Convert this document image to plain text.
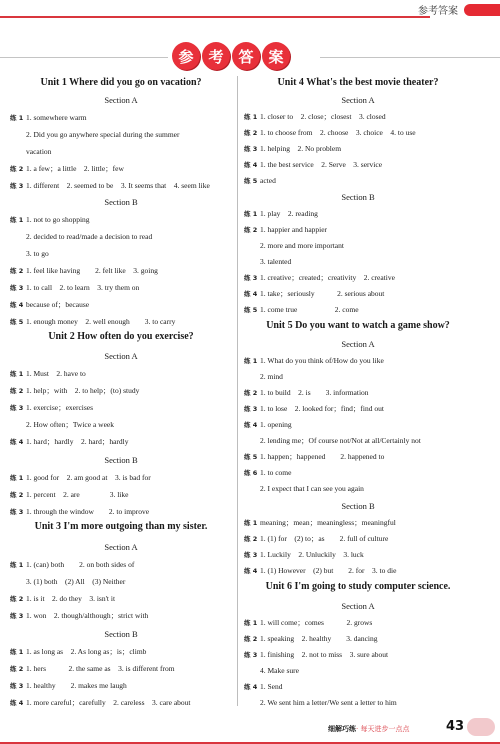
参考答案
参 考 答 案
Unit 1 Where did you go on vacation?
Section A
练 1 1. somewhere warm
2. Did you go anywhere special during the summer
vacation
练 2 1. a few；a little　2. little；few
练 3 1. different　2. seemed to be　3. It seems that　4. seem like
Section B
练 1 1. not to go shopping
2. decided to read/made a decision to read
3. to go
练 2 1. feel like having　　2. felt like　3. going
练 3 1. to call　2. to learn　3. try them on
练 4 because of；because
练 5 1. enough money　2. well enough　　3. to carry
Unit 2 How often do you exercise?
Section A
练 1 1. Must　2. have to
练 2 1. help；with　2. to help；(to) study
练 3 1. exercise；exercises
2. How often；Twice a week
练 4 1. hard；hardly　2. hard；hardly
Section B
练 1 1. good for　2. am good at　3. is bad for
练 2 1. percent　2. are　　　　3. like
练 3 1. through the window　　2. to improve
Unit 3 I'm more outgoing than my sister.
Section A
练 1 1. (can) both　　2. on both sides of
3. (1) both　(2) All　(3) Neither
练 2 1. is it　2. do they　3. isn't it
练 3 1. won　2. though/although；strict with
Section B
练 1 1. as long as　2. As long as；is；climb
练 2 1. hers　　　2. the same as　3. is different from
练 3 1. healthy　　2. makes me laugh
练 4 1. more careful；carefully　2. careless　3. care about
Unit 4 What's the best movie theater?
Section A
练 1 1. closer to　2. close；closest　3. closed
练 2 1. to choose from　2. choose　3. choice　4. to use
练 3 1. helping　2. No problem
练 4 1. the best service　2. Serve　3. service
练 5 acted
Section B
练 1 1. play　2. reading
练 2 1. happier and happier
2. more and more important
3. talented
练 3 1. creative；created；creativity　2. creative
练 4 1. take；seriously　　　2. serious about
练 5 1. come true　　　　　2. come
Unit 5 Do you want to watch a game show?
Section A
练 1 1. What do you think of/How do you like
2. mind
练 2 1. to build　2. is　　3. information
练 3 1. to lose　2. looked for；find；find out
练 4 1. opening
2. lending me；Of course not/Not at all/Certainly not
练 5 1. happen；happened　　2. happened to
练 6 1. to come
2. I expect that I can see you again
Section B
练 1 meaning；mean；meaningless；meaningful
练 2 1. (1) for　(2) to；as　　2. full of culture
练 3 1. Luckily　2. Unluckily　3. luck
练 4 1. (1) However　(2) but　　2. for　3. to die
Unit 6 I'm going to study computer science.
Section A
练 1 1. will come；comes　　　2. grows
练 2 1. speaking　2. healthy　　3. dancing
练 3 1. finishing　2. not to miss　3. sure about
4. Make sure
练 4 1. Send
2. We sent him a letter/We sent a letter to him
细解巧练· 每天进步一点点	43
